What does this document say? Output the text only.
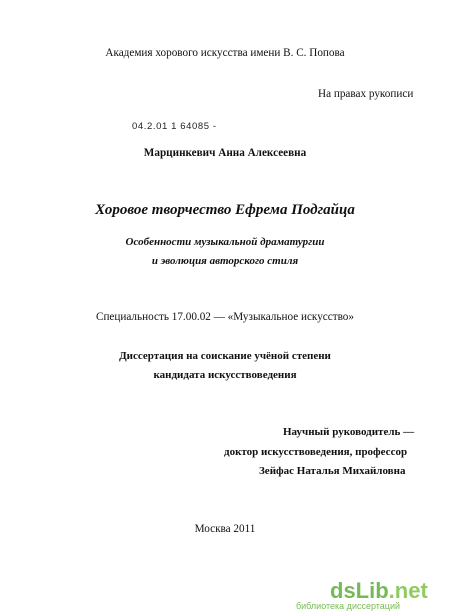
Академия хорового искусства имени В. С. Попова
На правах рукописи
04.2.01 1 64085 -
Марцинкевич Анна Алексеевна
Хоровое творчество Ефрема Подгайца
Особенности музыкальной драматургии
и эволюция авторского стиля
Специальность 17.00.02 — «Музыкальное искусство»
Диссертация на соискание учёной степени
кандидата искусствоведения
Научный руководитель —
доктор искусствоведения, профессор
Зейфас Наталья Михайловна
Москва 2011
dsLib.net
библиотека диссертаций
